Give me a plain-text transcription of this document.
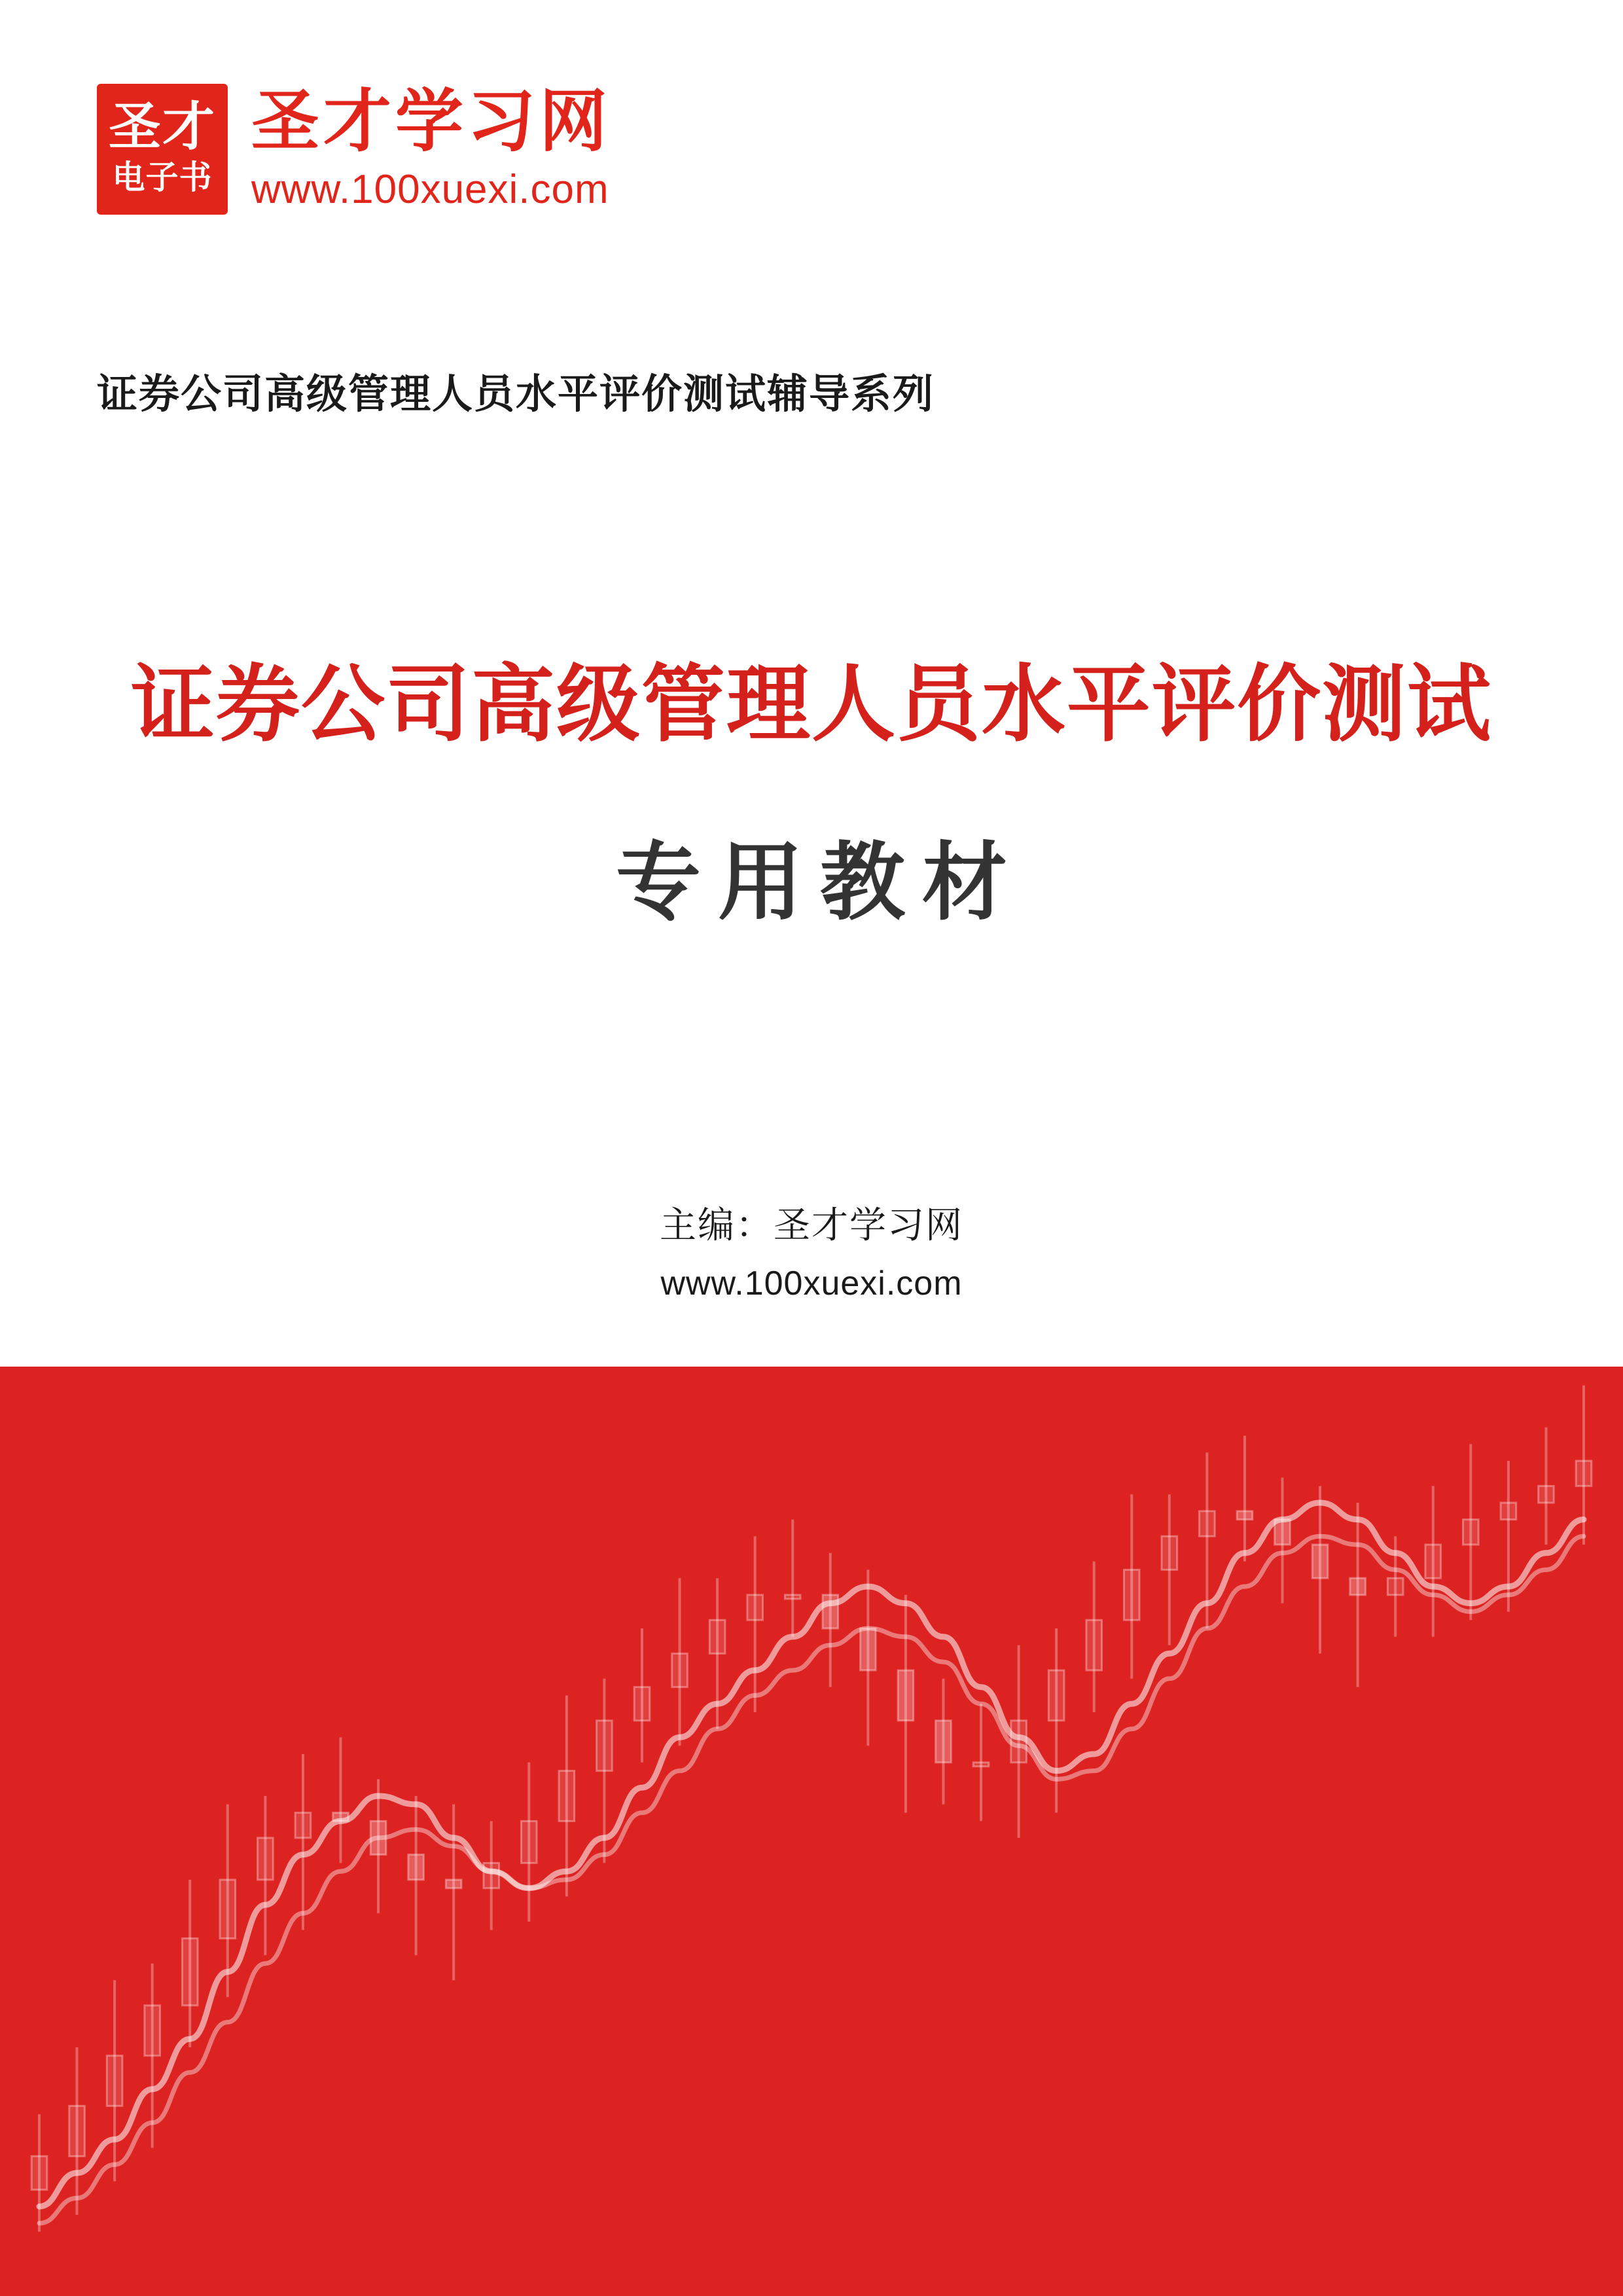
圣才
电子书
圣才学习网
www.100xuexi.com
证券公司高级管理人员水平评价测试辅导系列
证券公司高级管理人员水平评价测试
专用教材
主编：圣才学习网
www.100xuexi.com
